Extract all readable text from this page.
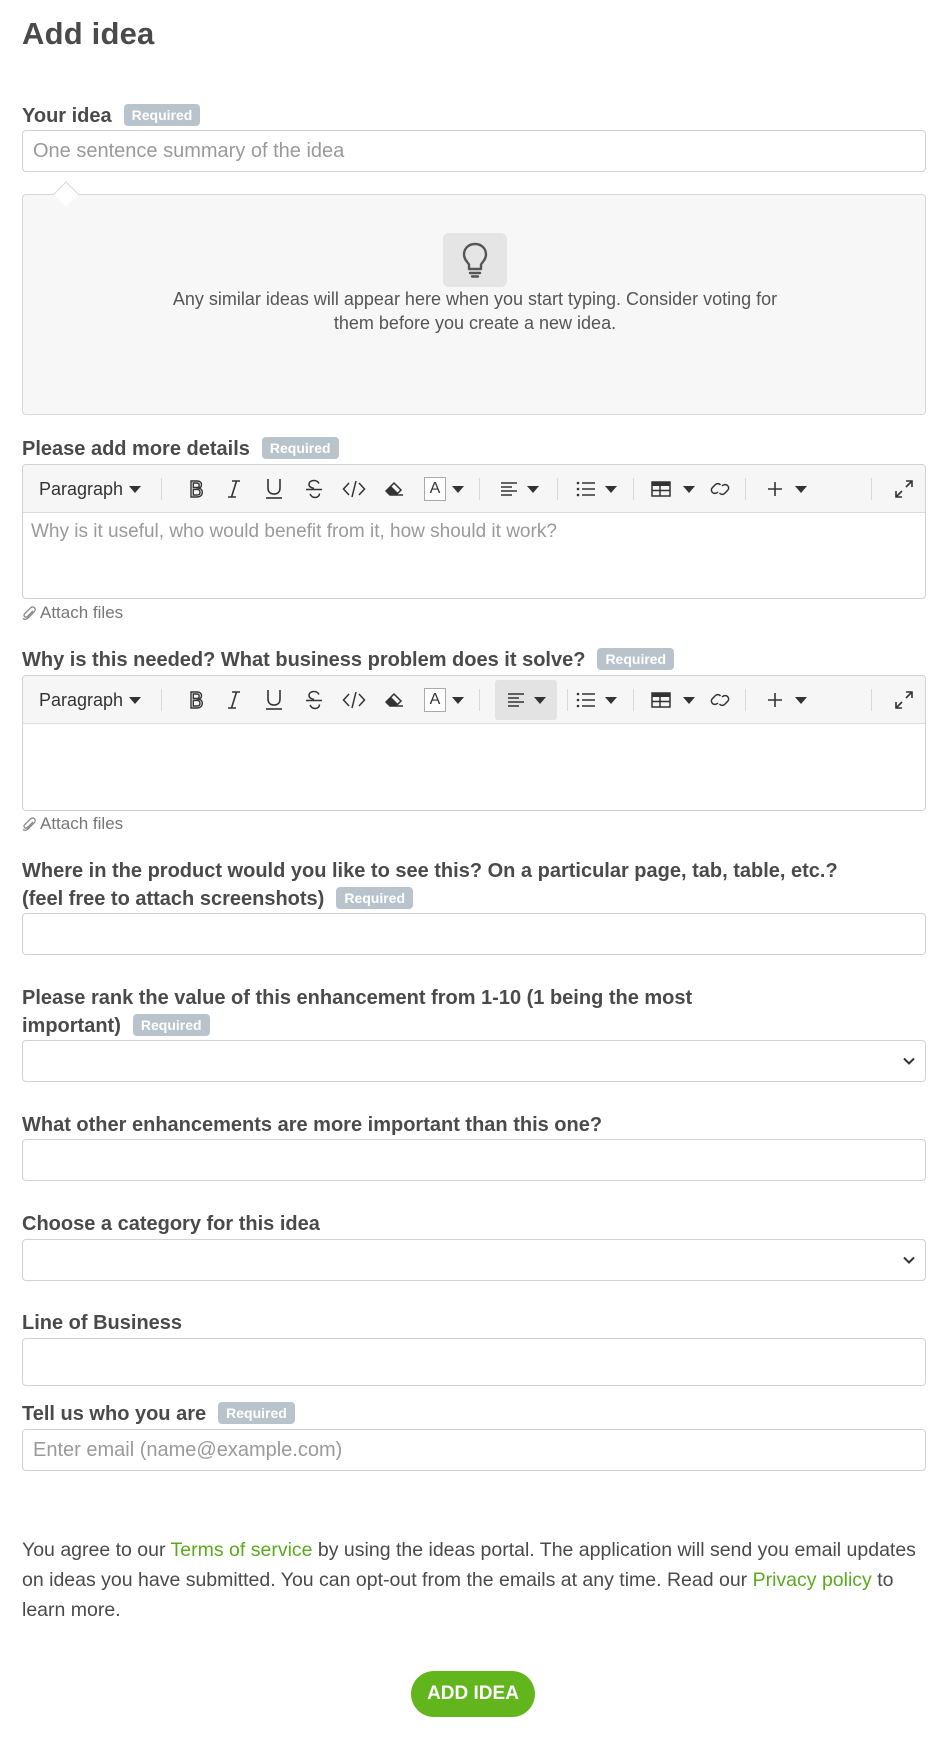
Add idea
Your idea Required
One sentence summary of the idea
Any similar ideas will appear here when you start typing. Consider voting for them before you create a new idea.
Please add more details Required
Paragraph	A
Why is it useful, who would benefit from it, how should it work?
Attach files
Why is this needed? What business problem does it solve? Required
Paragraph	A
Attach files
Where in the product would you like to see this? On a particular page, tab, table, etc.?
(feel free to attach screenshots) Required
Please rank the value of this enhancement from 1-10 (1 being the most
important) Required
What other enhancements are more important than this one?
Choose a category for this idea
Line of Business
Tell us who you are Required
Enter email (name@example.com)

You agree to our Terms of service by using the ideas portal. The application will send you email updates on ideas you have submitted. You can opt-out from the emails at any time. Read our Privacy policy to learn more.

ADD IDEA
